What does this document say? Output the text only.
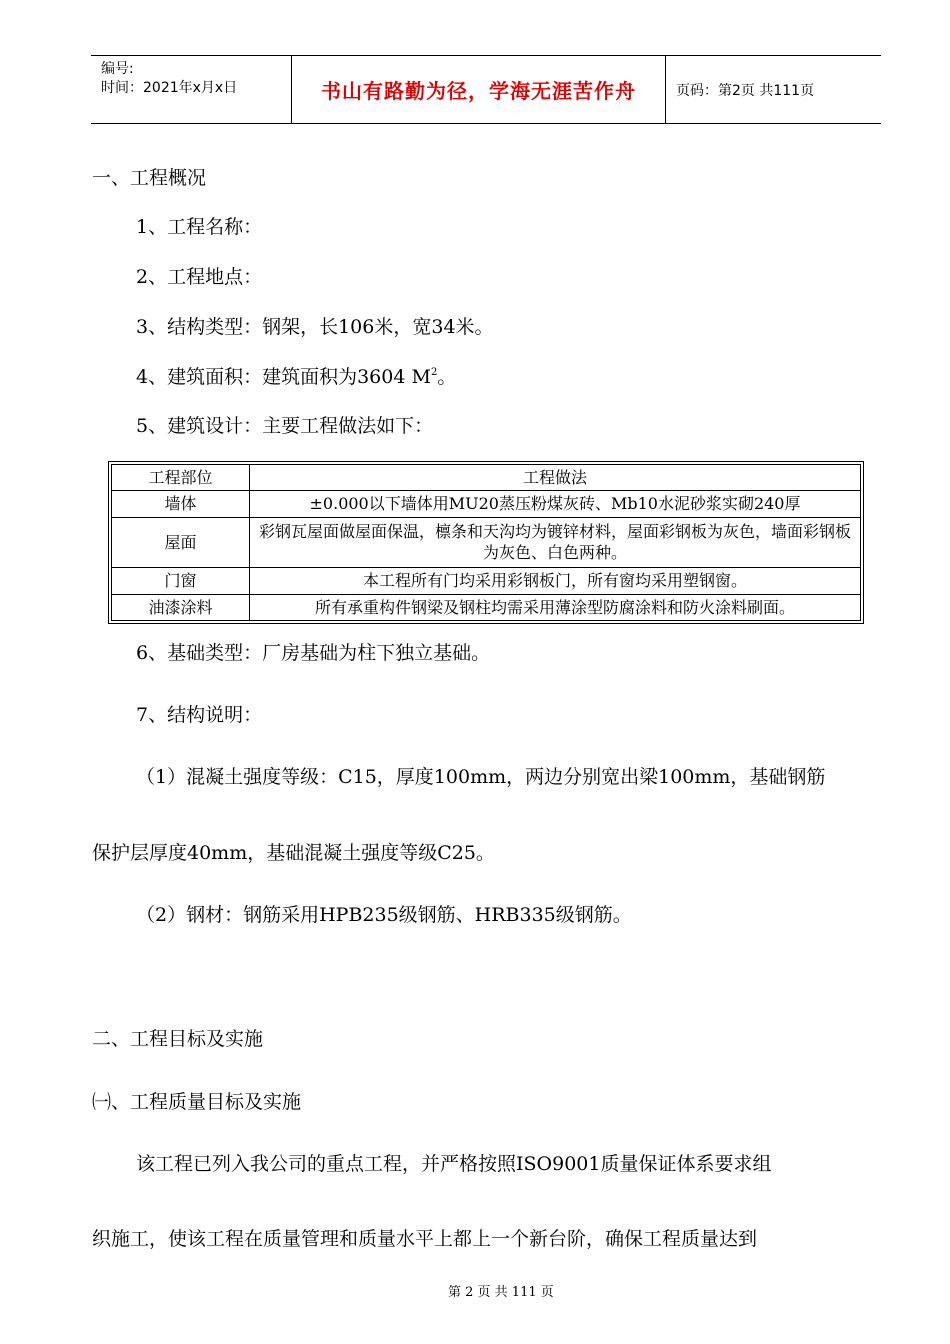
编号:
时间：2021年x月x日	书山有路勤为径，学海无涯苦作舟	页码：第2页 共111页
一、工程概况
1、工程名称：
2、工程地点：
3、结构类型：钢架，长106米，宽34米。
4、建筑面积：建筑面积为3604 $M^2$。
5、建筑设计：主要工程做法如下：
工程部位	工程做法
墙体	±0.000以下墙体用MU20蒸压粉煤灰砖、Mb10水泥砂浆实砌240厚
屋面	彩钢瓦屋面做屋面保温，檩条和天沟均为镀锌材料，屋面彩钢板为灰色，墙面彩钢板为灰色、白色两种。
门窗	本工程所有门均采用彩钢板门，所有窗均采用塑钢窗。
油漆涂料	所有承重构件钢梁及钢柱均需采用薄涂型防腐涂料和防火涂料刷面。
6、基础类型：厂房基础为柱下独立基础。
7、结构说明：
（1）混凝土强度等级：C15，厚度100mm，两边分别宽出梁100mm，基础钢筋
保护层厚度40mm，基础混凝土强度等级C25。
（2）钢材：钢筋采用HPB235级钢筋、HRB335级钢筋。
二、工程目标及实施
㈠、工程质量目标及实施
该工程已列入我公司的重点工程，并严格按照ISO9001质量保证体系要求组
织施工，使该工程在质量管理和质量水平上都上一个新台阶，确保工程质量达到
第 2 页 共 111 页
